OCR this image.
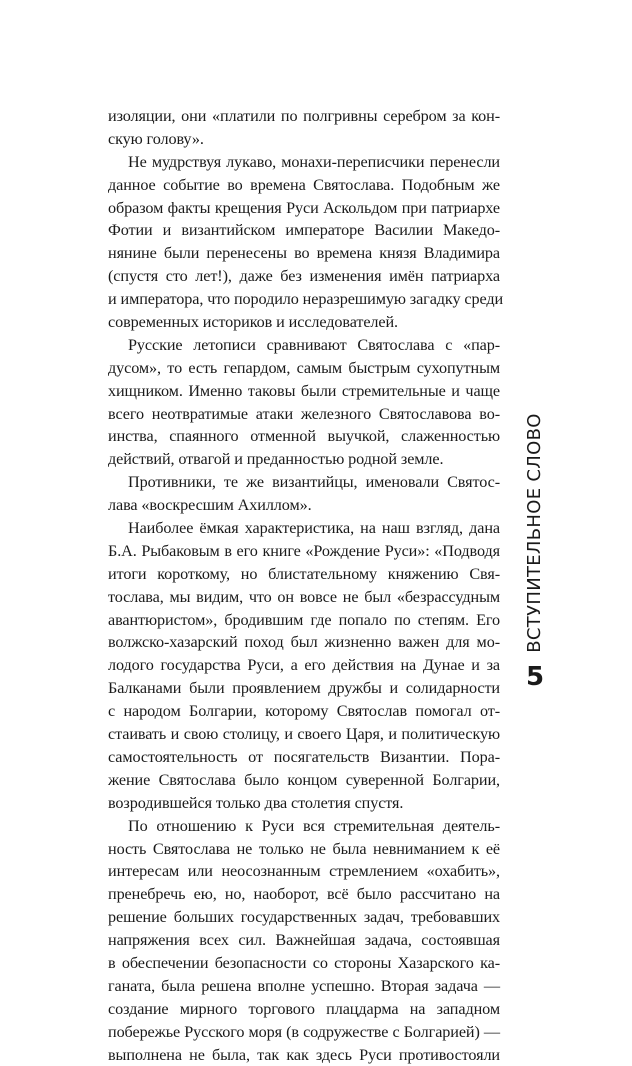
изоляции, они «платили по полгривны серебром за кон-
скую голову».
Не мудрствуя лукаво, монахи-переписчики перенесли
данное событие во времена Святослава. Подобным же
образом факты крещения Руси Аскольдом при патриархе
Фотии и византийском императоре Василии Македо-
нянине были перенесены во времена князя Владимира
(спустя сто лет!), даже без изменения имён патриарха
и императора, что породило неразрешимую загадку среди
современных историков и исследователей.
Русские летописи сравнивают Святослава с «пар-
дусом», то есть гепардом, самым быстрым сухопутным
хищником. Именно таковы были стремительные и чаще
всего неотвратимые атаки железного Святославова во-
инства, спаянного отменной выучкой, слаженностью
действий, отвагой и преданностью родной земле.
Противники, те же византийцы, именовали Святос-
лава «воскресшим Ахиллом».
Наиболее ёмкая характеристика, на наш взгляд, дана
Б.А. Рыбаковым в его книге «Рождение Руси»: «Подводя
итоги короткому, но блистательному княжению Свя-
тослава, мы видим, что он вовсе не был «безрассудным
авантюристом», бродившим где попало по степям. Его
волжско-хазарский поход был жизненно важен для мо-
лодого государства Руси, а его действия на Дунае и за
Балканами были проявлением дружбы и солидарности
с народом Болгарии, которому Святослав помогал от-
стаивать и свою столицу, и своего Царя, и политическую
самостоятельность от посягательств Византии. Пора-
жение Святослава было концом суверенной Болгарии,
возродившейся только два столетия спустя.
По отношению к Руси вся стремительная деятель-
ность Святослава не только не была невниманием к её
интересам или неосознанным стремлением «охабить»,
пренебречь ею, но, наоборот, всё было рассчитано на
решение больших государственных задач, требовавших
напряжения всех сил. Важнейшая задача, состоявшая
в обеспечении безопасности со стороны Хазарского ка-
ганата, была решена вполне успешно. Вторая задача —
создание мирного торгового плацдарма на западном
побережье Русского моря (в содружестве с Болгарией) —
выполнена не была, так как здесь Руси противостояли
ВСТУПИТЕЛЬНОЕ СЛОВО
5
